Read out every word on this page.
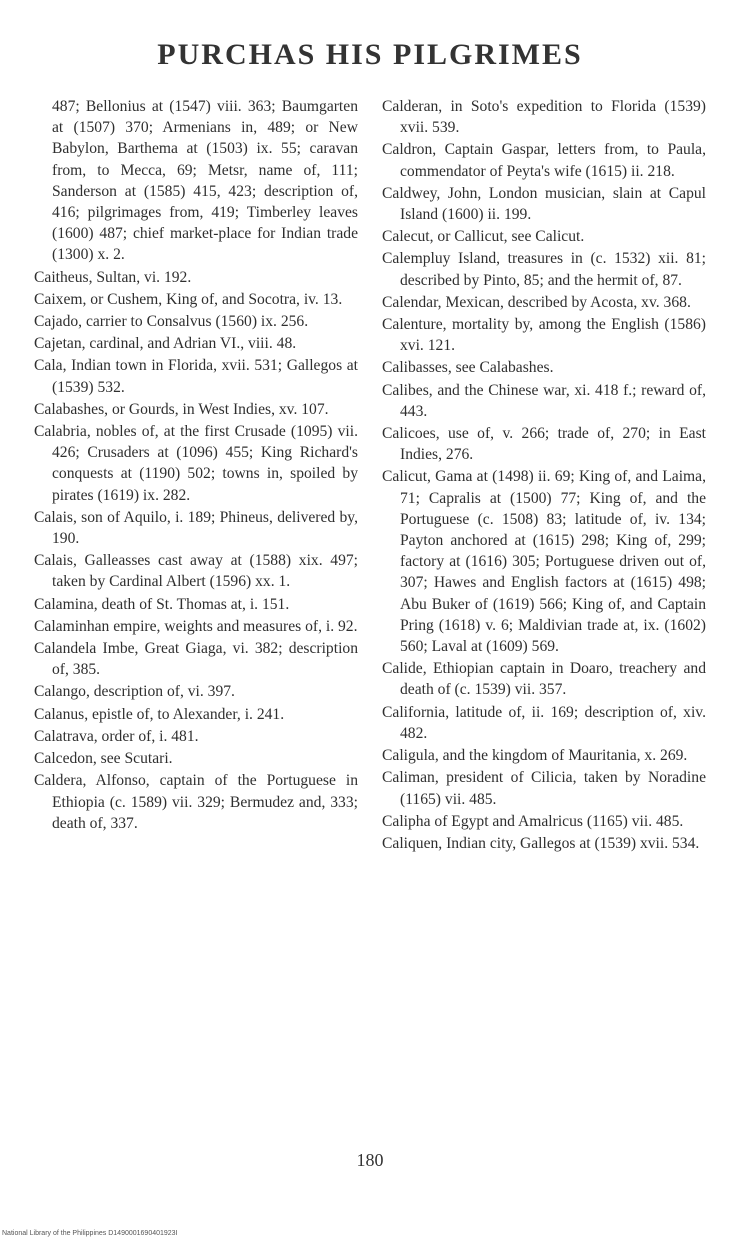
PURCHAS HIS PILGRIMES

487; Bellonius at (1547) viii. 363; Baumgarten at (1507) 370; Armenians in, 489; or New Babylon, Barthema at (1503) ix. 55; caravan from, to Mecca, 69; Metsr, name of, 111; Sanderson at (1585) 415, 423; description of, 416; pilgrimages from, 419; Timberley leaves (1600) 487; chief market-place for Indian trade (1300) x. 2.

Caitheus, Sultan, vi. 192.

Caixem, or Cushem, King of, and Socotra, iv. 13.

Cajado, carrier to Consalvus (1560) ix. 256.

Cajetan, cardinal, and Adrian VI., viii. 48.

Cala, Indian town in Florida, xvii. 531; Gallegos at (1539) 532.

Calabashes, or Gourds, in West Indies, xv. 107.

Calabria, nobles of, at the first Crusade (1095) vii. 426; Crusaders at (1096) 455; King Richard's conquests at (1190) 502; towns in, spoiled by pirates (1619) ix. 282.

Calais, son of Aquilo, i. 189; Phineus, delivered by, 190.

Calais, Galleasses cast away at (1588) xix. 497; taken by Cardinal Albert (1596) xx. 1.

Calamina, death of St. Thomas at, i. 151.

Calaminhan empire, weights and measures of, i. 92.

Calandela Imbe, Great Giaga, vi. 382; description of, 385.

Calango, description of, vi. 397.

Calanus, epistle of, to Alexander, i. 241.

Calatrava, order of, i. 481.

Calcedon, see Scutari.

Caldera, Alfonso, captain of the Portuguese in Ethiopia (c. 1589) vii. 329; Bermudez and, 333; death of, 337.

Calderan, in Soto's expedition to Florida (1539) xvii. 539.

Caldron, Captain Gaspar, letters from, to Paula, commendator of Peyta's wife (1615) ii. 218.

Caldwey, John, London musician, slain at Capul Island (1600) ii. 199.

Calecut, or Callicut, see Calicut.

Calempluy Island, treasures in (c. 1532) xii. 81; described by Pinto, 85; and the hermit of, 87.

Calendar, Mexican, described by Acosta, xv. 368.

Calenture, mortality by, among the English (1586) xvi. 121.

Calibasses, see Calabashes.

Calibes, and the Chinese war, xi. 418 f.; reward of, 443.

Calicoes, use of, v. 266; trade of, 270; in East Indies, 276.

Calicut, Gama at (1498) ii. 69; King of, and Laima, 71; Capralis at (1500) 77; King of, and the Portuguese (c. 1508) 83; latitude of, iv. 134; Payton anchored at (1615) 298; King of, 299; factory at (1616) 305; Portuguese driven out of, 307; Hawes and English factors at (1615) 498; Abu Buker of (1619) 566; King of, and Captain Pring (1618) v. 6; Maldivian trade at, ix. (1602) 560; Laval at (1609) 569.

Calide, Ethiopian captain in Doaro, treachery and death of (c. 1539) vii. 357.

California, latitude of, ii. 169; description of, xiv. 482.

Caligula, and the kingdom of Mauritania, x. 269.

Caliman, president of Cilicia, taken by Noradine (1165) vii. 485.

Calipha of Egypt and Amalricus (1165) vii. 485.

Caliquen, Indian city, Gallegos at (1539) xvii. 534.

180
National Library of the Philippines D1490001690401923I
